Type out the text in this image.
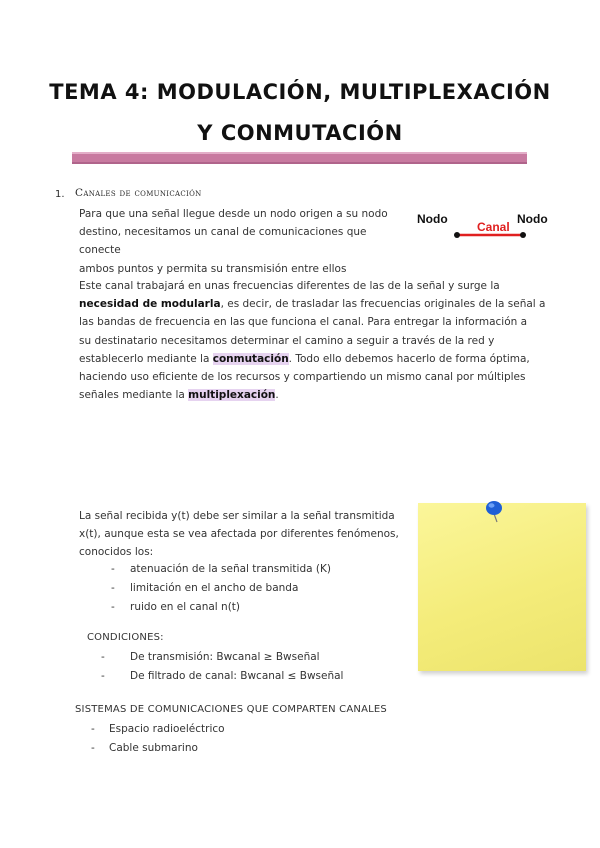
TEMA 4: MODULACIÓN, MULTIPLEXACIÓN
Y CONMUTACIÓN
1. Canales de comunicación
Para que una señal llegue desde un nodo origen a su nodo
destino, necesitamos un canal de comunicaciones que conecte
ambos puntos y permita su transmisión entre ellos
Nodo	Nodo
Canal
Este canal trabajará en unas frecuencias diferentes de las de la señal y surge la
necesidad de modularla, es decir, de trasladar las frecuencias originales de la señal a
las bandas de frecuencia en las que funciona el canal. Para entregar la información a
su destinatario necesitamos determinar el camino a seguir a través de la red y
establecerlo mediante la conmutación. Todo ello debemos hacerlo de forma óptima,
haciendo uso eficiente de los recursos y compartiendo un mismo canal por múltiples
señales mediante la multiplexación.
La señal recibida y(t) debe ser similar a la señal transmitida
x(t), aunque esta se vea afectada por diferentes fenómenos,
conocidos los:
- atenuación de la señal transmitida (K)
- limitación en el ancho de banda
- ruido en el canal n(t)
CONDICIONES:
- De transmisión: Bwcanal ≥ Bwseñal
- De filtrado de canal: Bwcanal ≤ Bwseñal
SISTEMAS DE COMUNICACIONES QUE COMPARTEN CANALES
- Espacio radioeléctrico
- Cable submarino
